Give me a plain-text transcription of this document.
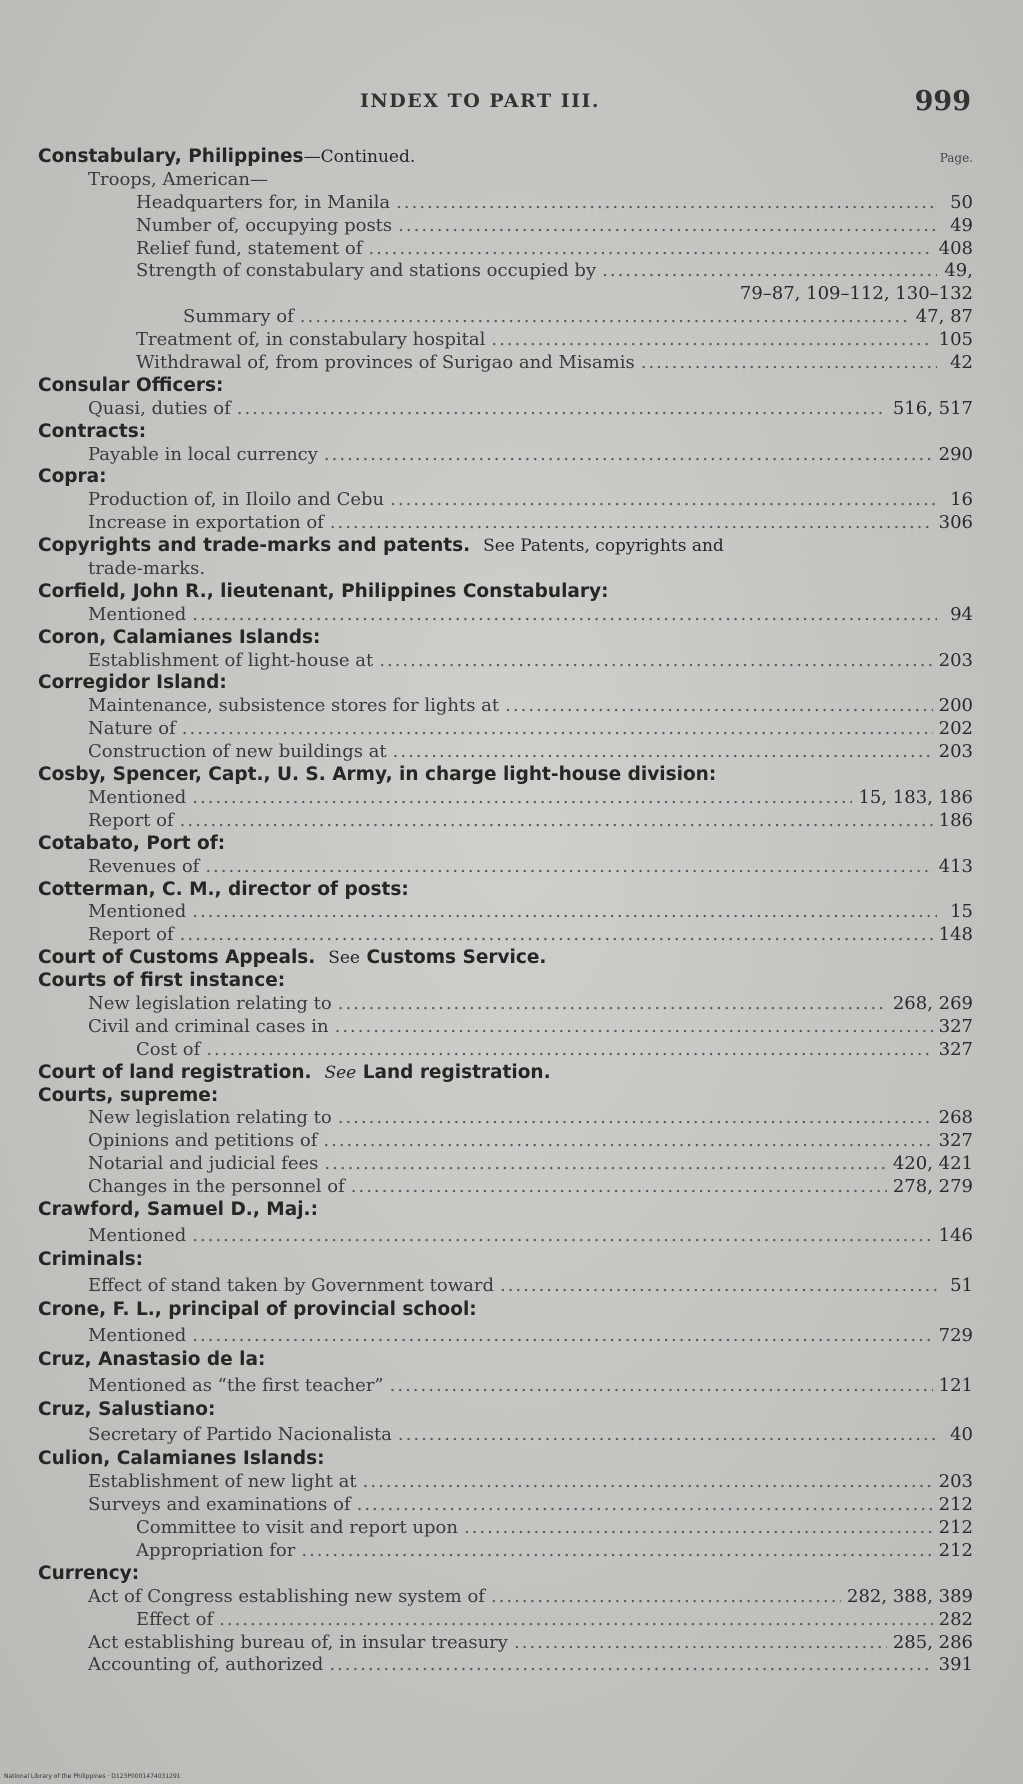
INDEX TO PART III.	999
Constabulary, Philippines —Continued.	Page.
Troops, American—
Headquarters for, in Manila .....	50
Number of, occupying posts .....	49
Relief fund, statement of .....	408
Strength of constabulary and stations occupied by .....	49,
79–87, 109–112, 130–132
Summary of .....	47, 87
Treatment of, in constabulary hospital .....	105
Withdrawal of, from provinces of Surigao and Misamis .....	42
Consular Officers:
Quasi, duties of .....	516, 517
Contracts:
Payable in local currency .....	290
Copra:
Production of, in Iloilo and Cebu .....	16
Increase in exportation of .....	306
Copyrights and trade-marks and patents.
See Patents, copyrights and
trade-marks.
Corfield, John R., lieutenant, Philippines Constabulary:
Mentioned .....	94
Coron, Calamianes Islands:
Establishment of light-house at .....	203
Corregidor Island:
Maintenance, subsistence stores for lights at .....	200
Nature of .....	202
Construction of new buildings at .....	203
Cosby, Spencer, Capt., U. S. Army, in charge light-house division:
Mentioned .....	15, 183, 186
Report of .....	186
Cotabato, Port of:
Revenues of .....	413
Cotterman, C. M., director of posts:
Mentioned .....	15
Report of .....	148
Court of Customs Appeals.
See
Customs Service.
Courts of first instance:
New legislation relating to .....	268, 269
Civil and criminal cases in .....	327
Cost of .....	327
Court of land registration.
See
Land registration.
Courts, supreme:
New legislation relating to .....	268
Opinions and petitions of .....	327
Notarial and judicial fees .....	420, 421
Changes in the personnel of .....	278, 279
Crawford, Samuel D., Maj.:
Mentioned .....	146
Criminals:
Effect of stand taken by Government toward .....	51
Crone, F. L., principal of provincial school:
Mentioned .....	729
Cruz, Anastasio de la:
Mentioned as “the first teacher” .....	121
Cruz, Salustiano:
Secretary of Partido Nacionalista .....	40
Culion, Calamianes Islands:
Establishment of new light at .....	203
Surveys and examinations of .....	212
Committee to visit and report upon .....	212
Appropriation for .....	212
Currency:
Act of Congress establishing new system of .....	282, 388, 389
Effect of .....	282
Act establishing bureau of, in insular treasury .....	285, 286
Accounting of, authorized .....	391
National Library of the Philippines · D123P0001474031291
